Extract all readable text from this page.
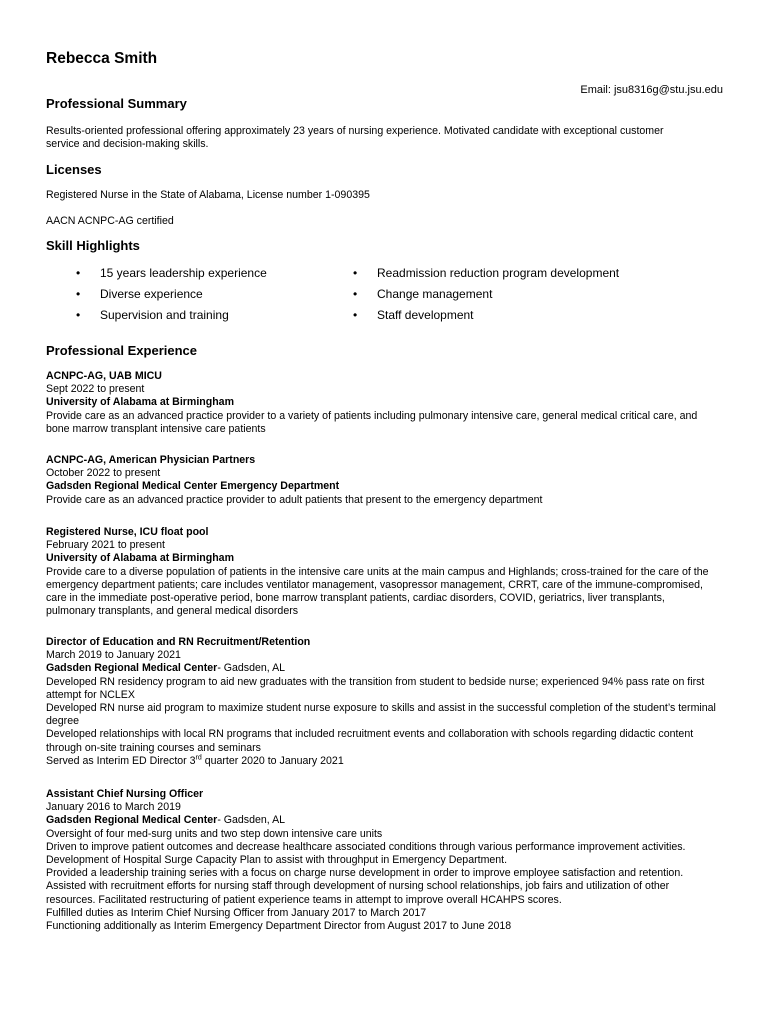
Rebecca Smith
Email: jsu8316g@stu.jsu.edu
Professional Summary
Results-oriented professional offering approximately 23 years of nursing experience. Motivated candidate with exceptional customer service and decision-making skills.
Licenses
Registered Nurse in the State of Alabama, License number 1-090395
AACN ACNPC-AG certified
Skill Highlights
• 15 years leadership experience
• Diverse experience
• Supervision and training
• Readmission reduction program development
• Change management
• Staff development
Professional Experience
ACNPC-AG, UAB MICU
Sept 2022 to present
University of Alabama at Birmingham
Provide care as an advanced practice provider to a variety of patients including pulmonary intensive care, general medical critical care, and bone marrow transplant intensive care patients
ACNPC-AG, American Physician Partners
October 2022 to present
Gadsden Regional Medical Center Emergency Department
Provide care as an advanced practice provider to adult patients that present to the emergency department
Registered Nurse, ICU float pool
February 2021 to present
University of Alabama at Birmingham
Provide care to a diverse population of patients in the intensive care units at the main campus and Highlands; cross-trained for the care of the emergency department patients; care includes ventilator management, vasopressor management, CRRT, care of the immune-compromised, care in the immediate post-operative period, bone marrow transplant patients, cardiac disorders, COVID, geriatrics, liver transplants, pulmonary transplants, and general medical disorders
Director of Education and RN Recruitment/Retention
March 2019 to January 2021
Gadsden Regional Medical Center- Gadsden, AL
Developed RN residency program to aid new graduates with the transition from student to bedside nurse; experienced 94% pass rate on first attempt for NCLEX
Developed RN nurse aid program to maximize student nurse exposure to skills and assist in the successful completion of the student’s terminal degree
Developed relationships with local RN programs that included recruitment events and collaboration with schools regarding didactic content through on-site training courses and seminars
Served as Interim ED Director 3rd quarter 2020 to January 2021
Assistant Chief Nursing Officer
January 2016 to March 2019
Gadsden Regional Medical Center- Gadsden, AL
Oversight of four med-surg units and two step down intensive care units
Driven to improve patient outcomes and decrease healthcare associated conditions through various performance improvement activities.
Development of Hospital Surge Capacity Plan to assist with throughput in Emergency Department.
Provided a leadership training series with a focus on charge nurse development in order to improve employee satisfaction and retention.
Assisted with recruitment efforts for nursing staff through development of nursing school relationships, job fairs and utilization of other resources. Facilitated restructuring of patient experience teams in attempt to improve overall HCAHPS scores.
Fulfilled duties as Interim Chief Nursing Officer from January 2017 to March 2017
Functioning additionally as Interim Emergency Department Director from August 2017 to June 2018
